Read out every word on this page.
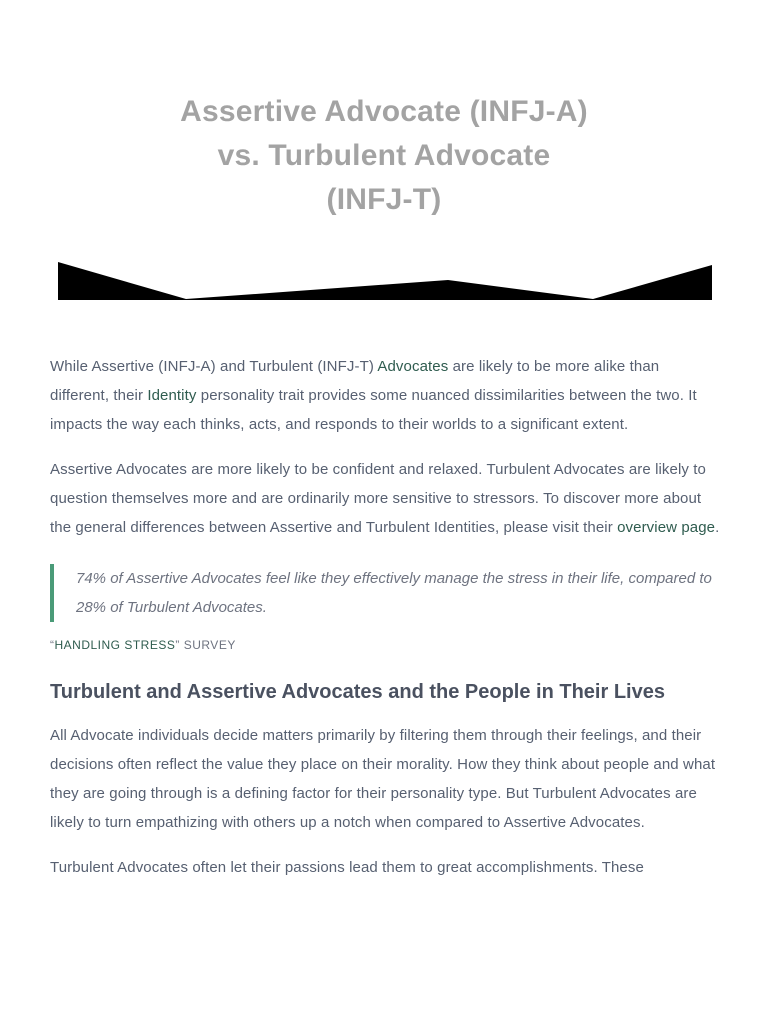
Assertive Advocate (INFJ-A)
vs. Turbulent Advocate
(INFJ-T)

While Assertive (INFJ-A) and Turbulent (INFJ-T) Advocates are likely to be more alike than different, their Identity personality trait provides some nuanced dissimilarities between the two. It impacts the way each thinks, acts, and responds to their worlds to a significant extent.

Assertive Advocates are more likely to be confident and relaxed. Turbulent Advocates are likely to question themselves more and are ordinarily more sensitive to stressors. To discover more about the general differences between Assertive and Turbulent Identities, please visit their overview page.

74% of Assertive Advocates feel like they effectively manage the stress in their life, compared to 28% of Turbulent Advocates.
“HANDLING STRESS” SURVEY
Turbulent and Assertive Advocates and the People in Their Lives

All Advocate individuals decide matters primarily by filtering them through their feelings, and their decisions often reflect the value they place on their morality. How they think about people and what they are going through is a defining factor for their personality type. But Turbulent Advocates are likely to turn empathizing with others up a notch when compared to Assertive Advocates.

Turbulent Advocates often let their passions lead them to great accomplishments. These
